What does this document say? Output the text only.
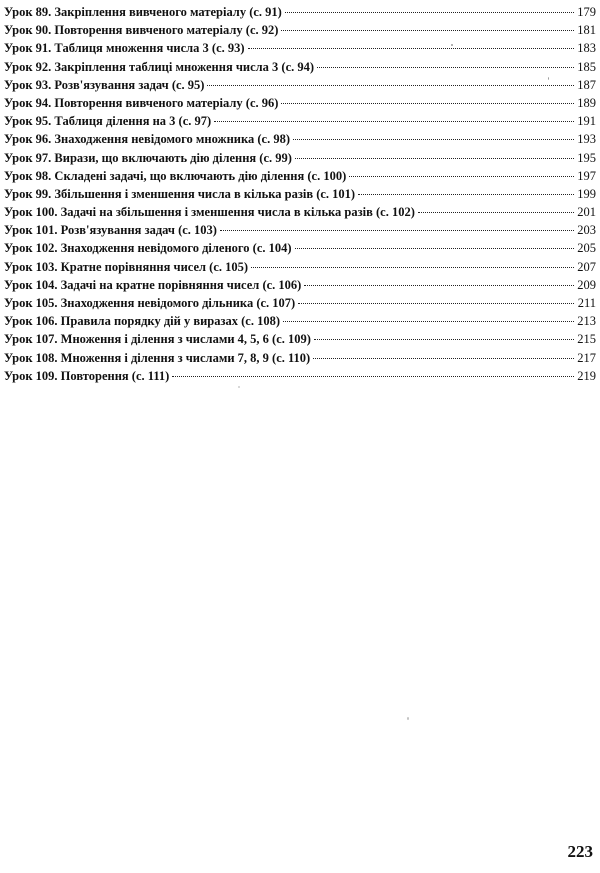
Урок 89. Закріплення вивченого матеріалу (с. 91)	179
Урок 90. Повторення вивченого матеріалу (с. 92)	181
Урок 91. Таблиця множення числа 3 (с. 93)	183
Урок 92. Закріплення таблиці множення числа 3 (с. 94)	185
Урок 93. Розв'язування задач (с. 95)	187
Урок 94. Повторення вивченого матеріалу (с. 96)	189
Урок 95. Таблиця ділення на 3 (с. 97)	191
Урок 96. Знаходження невідомого множника (с. 98)	193
Урок 97. Вирази, що включають дію ділення (с. 99)	195
Урок 98. Складені задачі, що включають дію ділення (с. 100)	197
Урок 99. Збільшення і зменшення числа в кілька разів (с. 101)	199
Урок 100. Задачі на збільшення і зменшення числа в кілька разів (с. 102)	201
Урок 101. Розв'язування задач (с. 103)	203
Урок 102. Знаходження невідомого діленого (с. 104)	205
Урок 103. Кратне порівняння чисел (с. 105)	207
Урок 104. Задачі на кратне порівняння чисел (с. 106)	209
Урок 105. Знаходження невідомого дільника (с. 107)	211
Урок 106. Правила порядку дій у виразах (с. 108)	213
Урок 107. Множення і ділення з числами 4, 5, 6 (с. 109)	215
Урок 108. Множення і ділення з числами 7, 8, 9 (с. 110)	217
Урок 109. Повторення (с. 111)	219
223
